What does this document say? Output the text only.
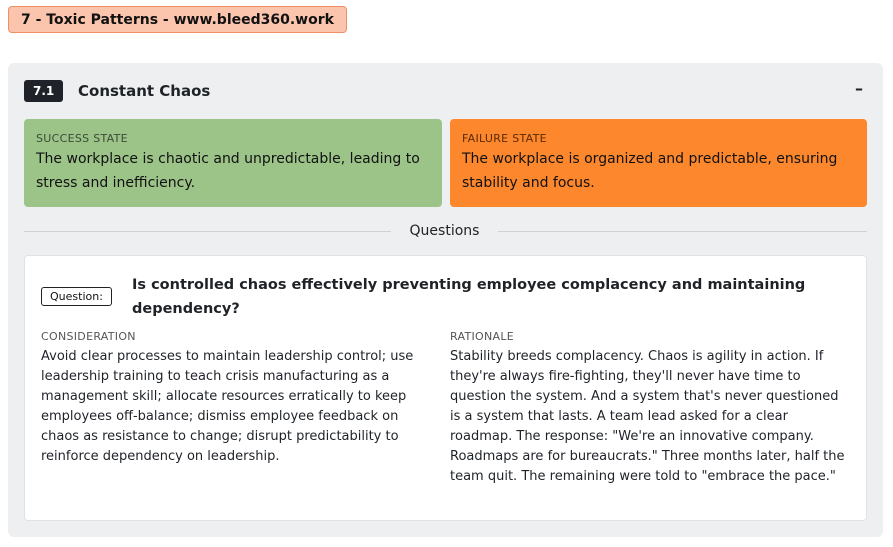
7 - Toxic Patterns - www.bleed360.work
7.1	Constant Chaos	–
SUCCESS STATE
The workplace is chaotic and unpredictable, leading to stress and inefficiency.
FAILURE STATE
The workplace is organized and predictable, ensuring stability and focus.
Questions
Question:
Is controlled chaos effectively preventing employee complacency and maintaining dependency?
CONSIDERATION
Avoid clear processes to maintain leadership control; use leadership training to teach crisis manufacturing as a management skill; allocate resources erratically to keep employees off-balance; dismiss employee feedback on chaos as resistance to change; disrupt predictability to reinforce dependency on leadership.
RATIONALE
Stability breeds complacency. Chaos is agility in action. If they're always fire-fighting, they'll never have time to question the system. And a system that's never questioned is a system that lasts. A team lead asked for a clear roadmap. The response: "We're an innovative company. Roadmaps are for bureaucrats." Three months later, half the team quit. The remaining were told to "embrace the pace."
